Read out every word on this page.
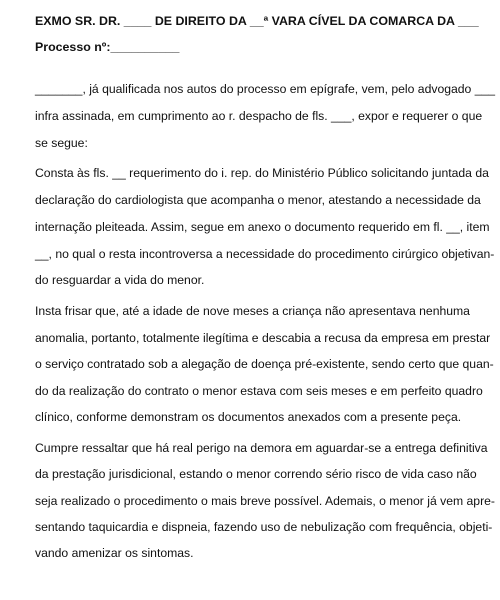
EXMO SR. DR. ____ DE DIREITO DA __ª VARA CÍVEL DA COMARCA DA ___

Processo nº:__________

_______, já qualificada nos autos do processo em epígrafe, vem, pelo advogado ___

infra assinada, em cumprimento ao r. despacho de fls. ___, expor e requerer o que

se segue:

Consta às fls. __ requerimento do i. rep. do Ministério Público solicitando juntada da

declaração do cardiologista que acompanha o menor, atestando a necessidade da

internação pleiteada. Assim, segue em anexo o documento requerido em fl. __, item

__, no qual o resta incontroversa a necessidade do procedimento cirúrgico objetivan-

do resguardar a vida do menor.

Insta frisar que, até a idade de nove meses a criança não apresentava nenhuma

anomalia, portanto, totalmente ilegítima e descabia a recusa da empresa em prestar

o serviço contratado sob a alegação de doença pré-existente, sendo certo que quan-

do da realização do contrato o menor estava com seis meses e em perfeito quadro

clínico, conforme demonstram os documentos anexados com a presente peça.

Cumpre ressaltar que há real perigo na demora em aguardar-se a entrega definitiva

da prestação jurisdicional, estando o menor correndo sério risco de vida caso não

seja realizado o procedimento o mais breve possível. Ademais, o menor já vem apre-

sentando taquicardia e dispneia, fazendo uso de nebulização com frequência, objeti-

vando amenizar os sintomas.
